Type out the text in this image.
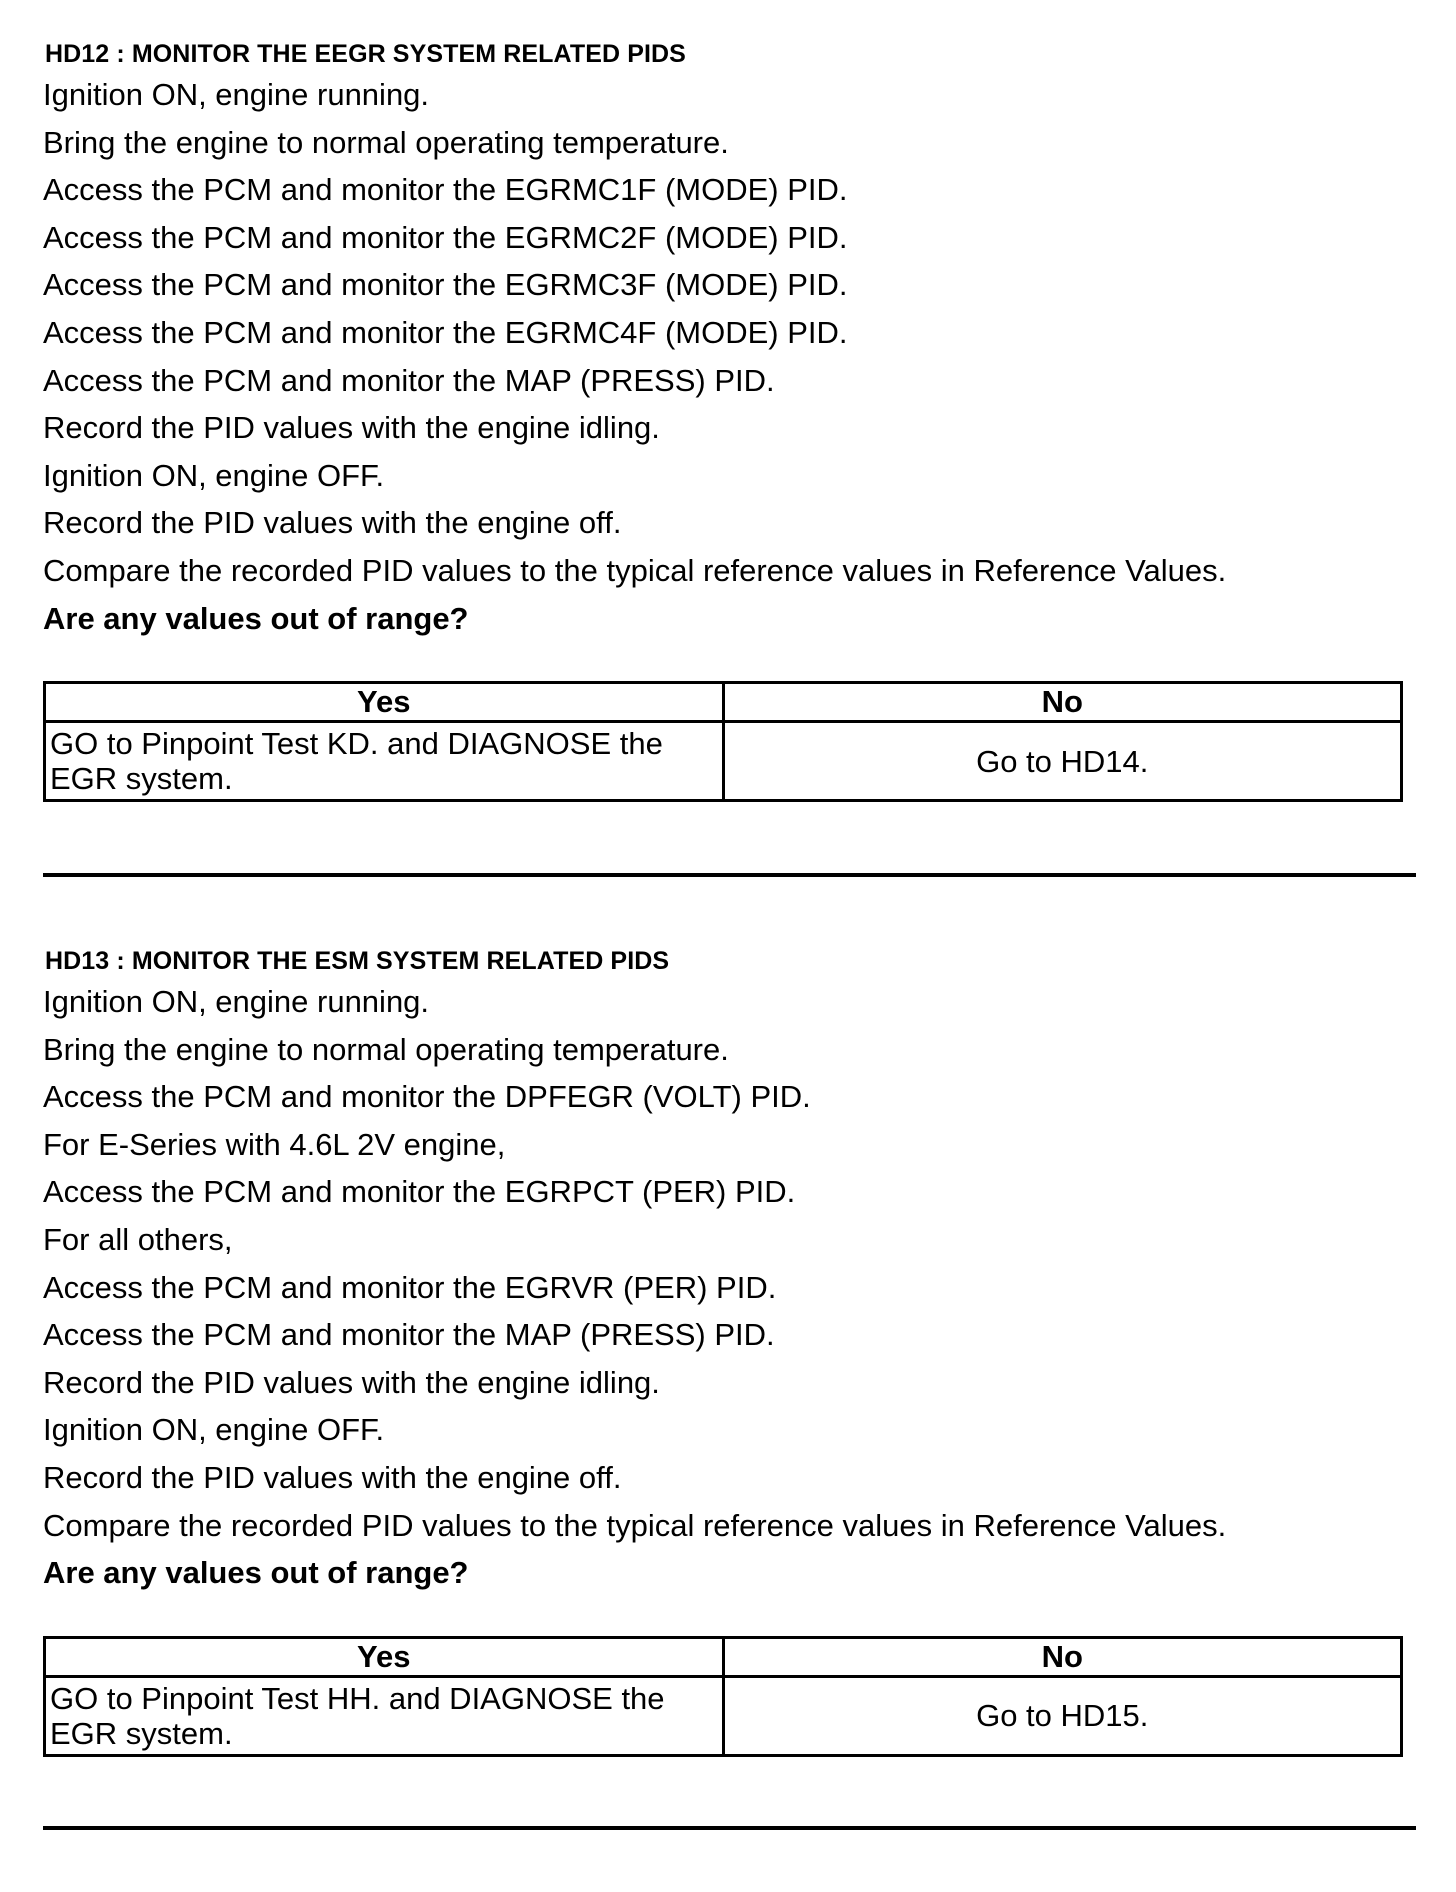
HD12 : MONITOR THE EEGR SYSTEM RELATED PIDS
Ignition ON, engine running.
Bring the engine to normal operating temperature.
Access the PCM and monitor the EGRMC1F (MODE) PID.
Access the PCM and monitor the EGRMC2F (MODE) PID.
Access the PCM and monitor the EGRMC3F (MODE) PID.
Access the PCM and monitor the EGRMC4F (MODE) PID.
Access the PCM and monitor the MAP (PRESS) PID.
Record the PID values with the engine idling.
Ignition ON, engine OFF.
Record the PID values with the engine off.
Compare the recorded PID values to the typical reference values in Reference Values.
Are any values out of range?
Yes	No
GO to Pinpoint Test KD. and DIAGNOSE the EGR system.	Go to HD14.
HD13 : MONITOR THE ESM SYSTEM RELATED PIDS
Ignition ON, engine running.
Bring the engine to normal operating temperature.
Access the PCM and monitor the DPFEGR (VOLT) PID.
For E-Series with 4.6L 2V engine,
Access the PCM and monitor the EGRPCT (PER) PID.
For all others,
Access the PCM and monitor the EGRVR (PER) PID.
Access the PCM and monitor the MAP (PRESS) PID.
Record the PID values with the engine idling.
Ignition ON, engine OFF.
Record the PID values with the engine off.
Compare the recorded PID values to the typical reference values in Reference Values.
Are any values out of range?
Yes	No
GO to Pinpoint Test HH. and DIAGNOSE the EGR system.	Go to HD15.
